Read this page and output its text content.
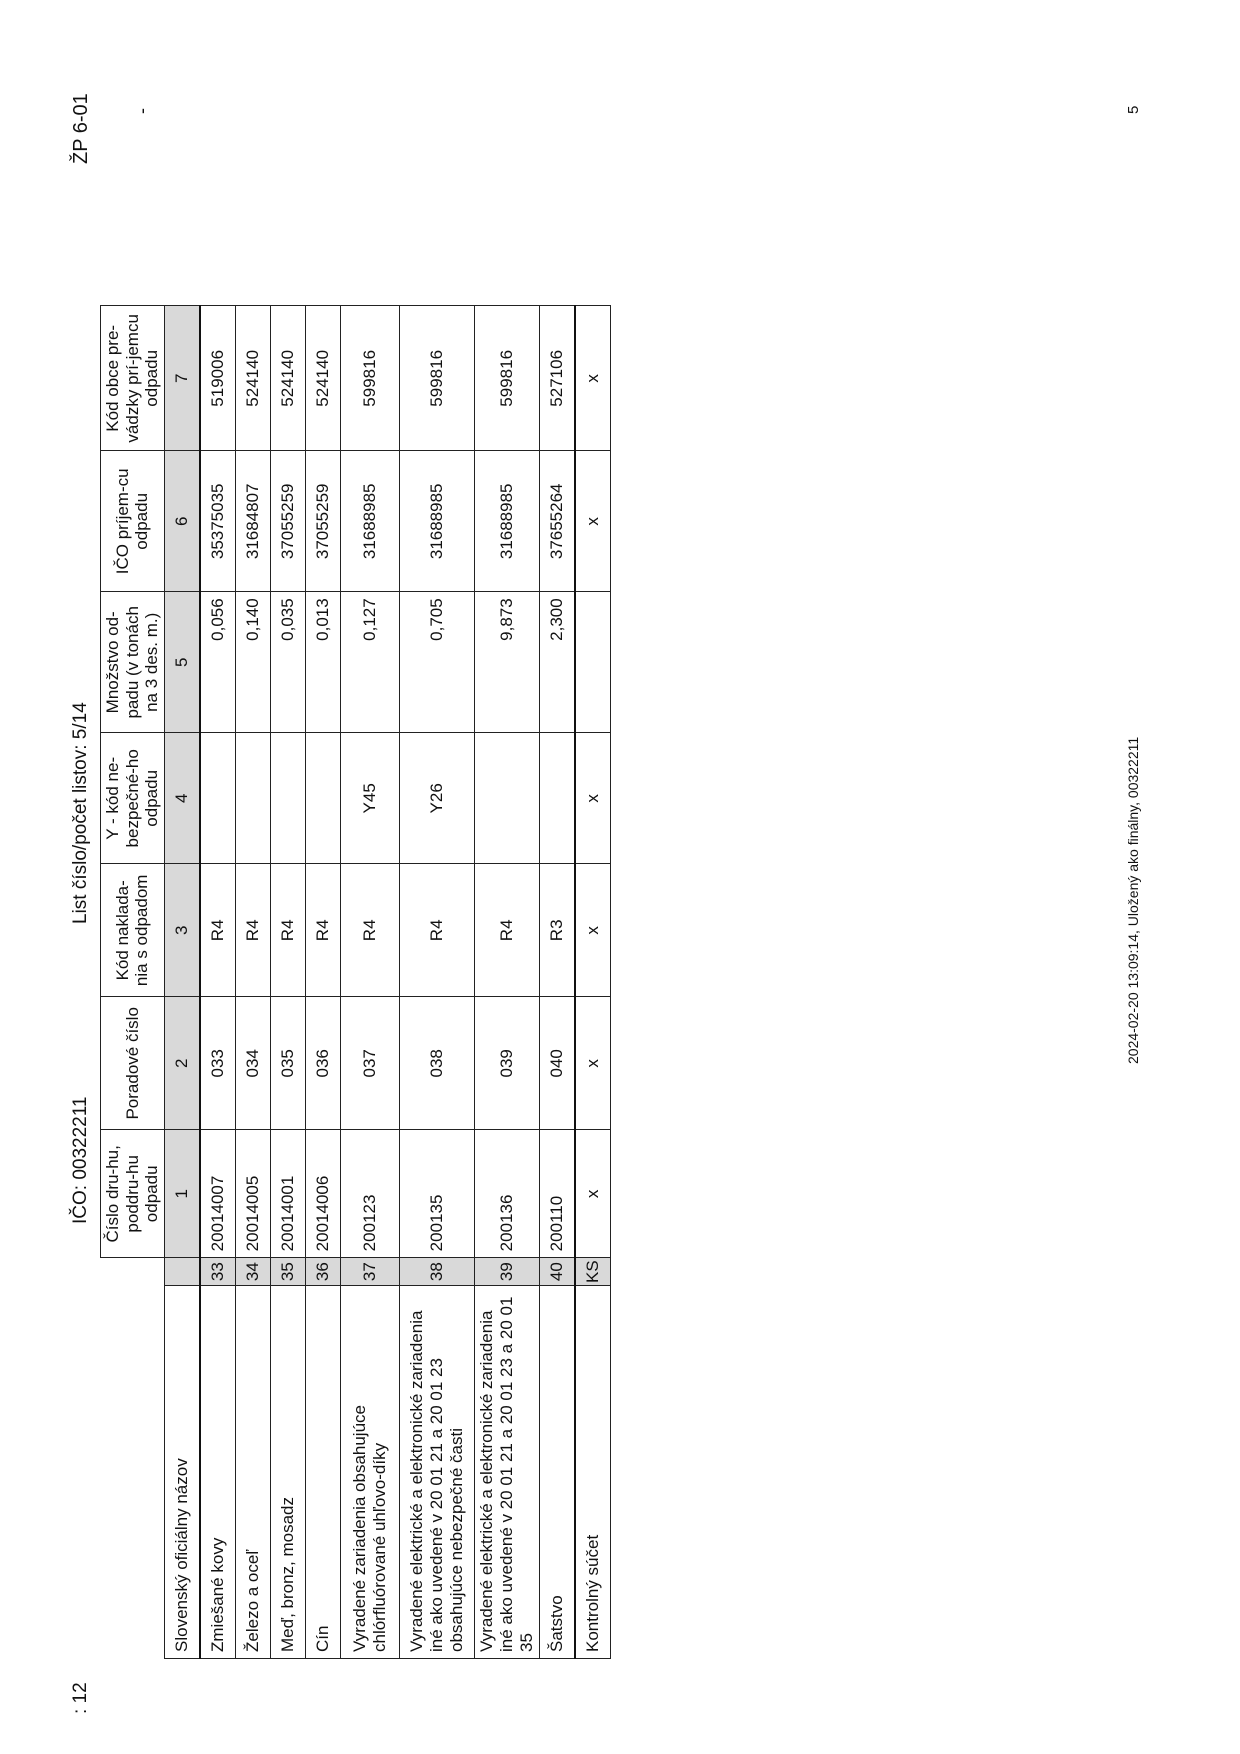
: 12
IČO: 00322211
List číslo/počet listov: 5/14
ŽP 6-01 -
		Číslo dru-hu, poddru-hu odpadu	Poradové číslo	Kód naklada-nia s odpadom	Y - kód ne-bezpečné-ho odpadu	Množstvo od-padu (v tonách na 3 des. m.)	IČO príjem-cu odpadu	Kód obce pre-vádzky prí-jemcu odpadu
Slovenský oficiálny názov		1	2	3	4	5	6	7
Zmiešané kovy	33	20014007	033	R4		0,056	35375035	519006
Železo a oceľ	34	20014005	034	R4		0,140	31684807	524140
Meď, bronz, mosadz	35	20014001	035	R4		0,035	37055259	524140
Cín	36	20014006	036	R4		0,013	37055259	524140
Vyradené zariadenia obsahujúce chlórfluórované uhľovo-díky	37	200123	037	R4	Y45	0,127	31688985	599816
Vyradené elektrické a elektronické zariadenia iné ako uvedené v 20 01 21 a 20 01 23 obsahujúce nebezpečné časti	38	200135	038	R4	Y26	0,705	31688985	599816
Vyradené elektrické a elektronické zariadenia iné ako uvedené v 20 01 21 a 20 01 23 a 20 01 35	39	200136	039	R4		9,873	31688985	599816
Šatstvo	40	200110	040	R3		2,300	37655264	527106
Kontrolný súčet	KS	x	x	x	x		x	x
2024-02-20 13:09:14, Uložený ako finálny, 00322211
5
